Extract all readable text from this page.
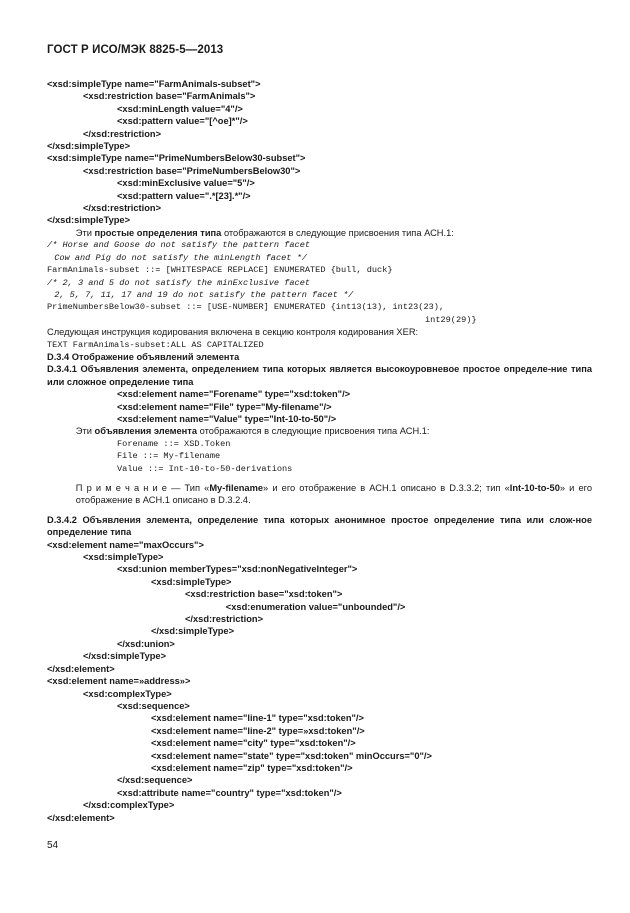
ГОСТ Р ИСО/МЭК 8825-5—2013
<xsd:simpleType name="FarmAnimals-subset">
<xsd:restriction base="FarmAnimals">
<xsd:minLength value="4"/>
<xsd:pattern value="[^oe]*"/>
</xsd:restriction>
</xsd:simpleType>
<xsd:simpleType name="PrimeNumbersBelow30-subset">
<xsd:restriction base="PrimeNumbersBelow30">
<xsd:minExclusive value="5"/>
<xsd:pattern value=".*[23].*"/>
</xsd:restriction>
</xsd:simpleType>
Эти простые определения типа отображаются в следующие присвоения типа АСН.1:
/* Horse and Goose do not satisfy the pattern facet
Cow and Pig do not satisfy the minLength facet */
FarmAnimals-subset ::= [WHITESPACE REPLACE] ENUMERATED {bull, duck}
/* 2, 3 and 5 do not satisfy the minExclusive facet
2, 5, 7, 11, 17 and 19 do not satisfy the pattern facet */
PrimeNumbersBelow30-subset ::= [USE-NUMBER] ENUMERATED {int13(13), int23(23),
int29(29)}
Следующая инструкция кодирования включена в секцию контроля кодирования XER:
TEXT FarmAnimals-subset:ALL AS CAPITALIZED
D.3.4 Отображение объявлений элемента
D.3.4.1 Объявления элемента, определением типа которых является высокоуровневое простое определе-ние типа или сложное определение типа
<xsd:element name="Forename" type="xsd:token"/>
<xsd:element name="File" type="My-filename"/>
<xsd:element name="Value" type="Int-10-to-50"/>
Эти объявления элемента отображаются в следующие присвоения типа АСН.1:
Forename ::= XSD.Token
File ::= My-filename
Value ::= Int-10-to-50-derivations
П р и м е ч а н и е — Тип «My-filename» и его отображение в АСН.1 описано в D.3.3.2; тип «Int-10-to-50» и его отображение в АСН.1 описано в D.3.2.4.
D.3.4.2 Объявления элемента, определение типа которых анонимное простое определение типа или слож-ное определение типа
<xsd:element name="maxOccurs">
<xsd:simpleType>
<xsd:union memberTypes="xsd:nonNegativeInteger">
<xsd:simpleType>
<xsd:restriction base="xsd:token">
<xsd:enumeration value="unbounded"/>
</xsd:restriction>
</xsd:simpleType>
</xsd:union>
</xsd:simpleType>
</xsd:element>
<xsd:element name=»address»>
<xsd:complexType>
<xsd:sequence>
<xsd:element name="line-1" type="xsd:token"/>
<xsd:element name="line-2" type=»xsd:token"/>
<xsd:element name="city" type="xsd:token"/>
<xsd:element name="state" type="xsd:token" minOccurs="0"/>
<xsd:element name="zip" type="xsd:token"/>
</xsd:sequence>
<xsd:attribute name="country" type="xsd:token"/>
</xsd:complexType>
</xsd:element>
54
